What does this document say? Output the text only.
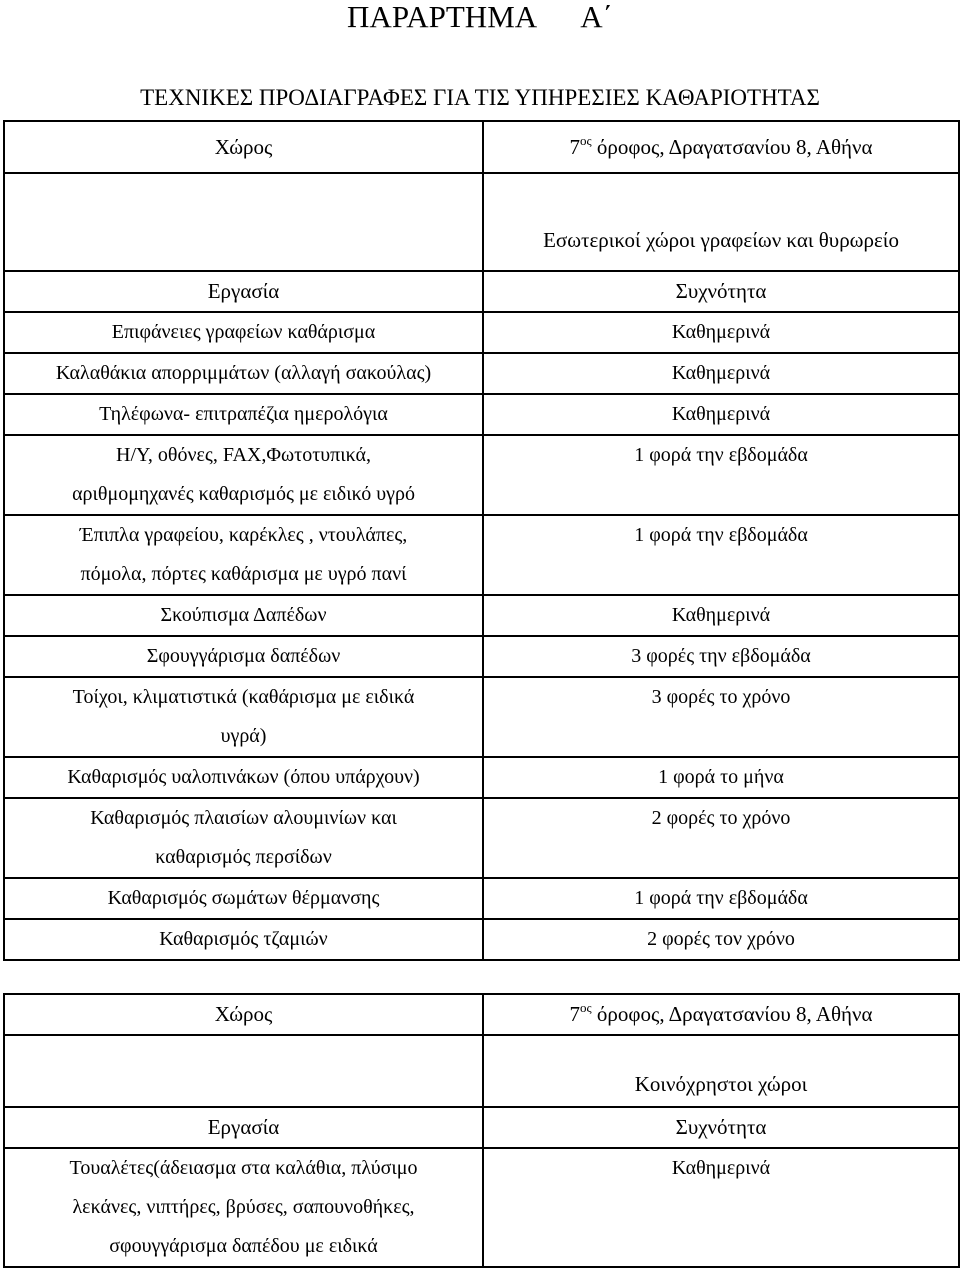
ΠΑΡΑΡΤΗΜΑ      Α΄
ΤΕΧΝΙΚΕΣ ΠΡΟΔΙΑΓΡΑΦΕΣ ΓΙΑ ΤΙΣ ΥΠΗΡΕΣΙΕΣ ΚΑΘΑΡΙΟΤΗΤΑΣ
Χώρος	$7^{o\varsigma}$ όροφος, Δραγατσανίου 8, Αθήνα
	Εσωτερικοί χώροι γραφείων και θυρωρείο
Εργασία	Συχνότητα

Επιφάνειες γραφείων καθάρισμα	Καθημερινά

Καλαθάκια απορριμμάτων (αλλαγή σακούλας)	Καθημερινά

Τηλέφωνα- επιτραπέζια ημερολόγια	Καθημερινά

Η/Υ, οθόνες, FAX,Φωτοτυπικά,
αριθμομηχανές καθαρισμός με ειδικό υγρό	1 φορά την εβδομάδα

Έπιπλα γραφείου, καρέκλες , ντουλάπες,
πόμολα, πόρτες καθάρισμα με υγρό πανί	1 φορά την εβδομάδα

Σκούπισμα Δαπέδων	Καθημερινά

Σφουγγάρισμα δαπέδων	3 φορές την εβδομάδα

Τοίχοι, κλιματιστικά (καθάρισμα με ειδικά
υγρά)	3 φορές το χρόνο

Καθαρισμός υαλοπινάκων (όπου υπάρχουν)	1 φορά το μήνα

Καθαρισμός πλαισίων αλουμινίων και
καθαρισμός περσίδων	2 φορές το χρόνο

Καθαρισμός σωμάτων θέρμανσης	1 φορά την εβδομάδα

Καθαρισμός τζαμιών	2 φορές τον χρόνο
Χώρος	$7^{o\varsigma}$ όροφος, Δραγατσανίου 8, Αθήνα
	Κοινόχρηστοι χώροι
Εργασία	Συχνότητα

Τουαλέτες(άδειασμα στα καλάθια, πλύσιμο
λεκάνες, νιπτήρες, βρύσες, σαπουνοθήκες,
σφουγγάρισμα δαπέδου με ειδικά	Καθημερινά
